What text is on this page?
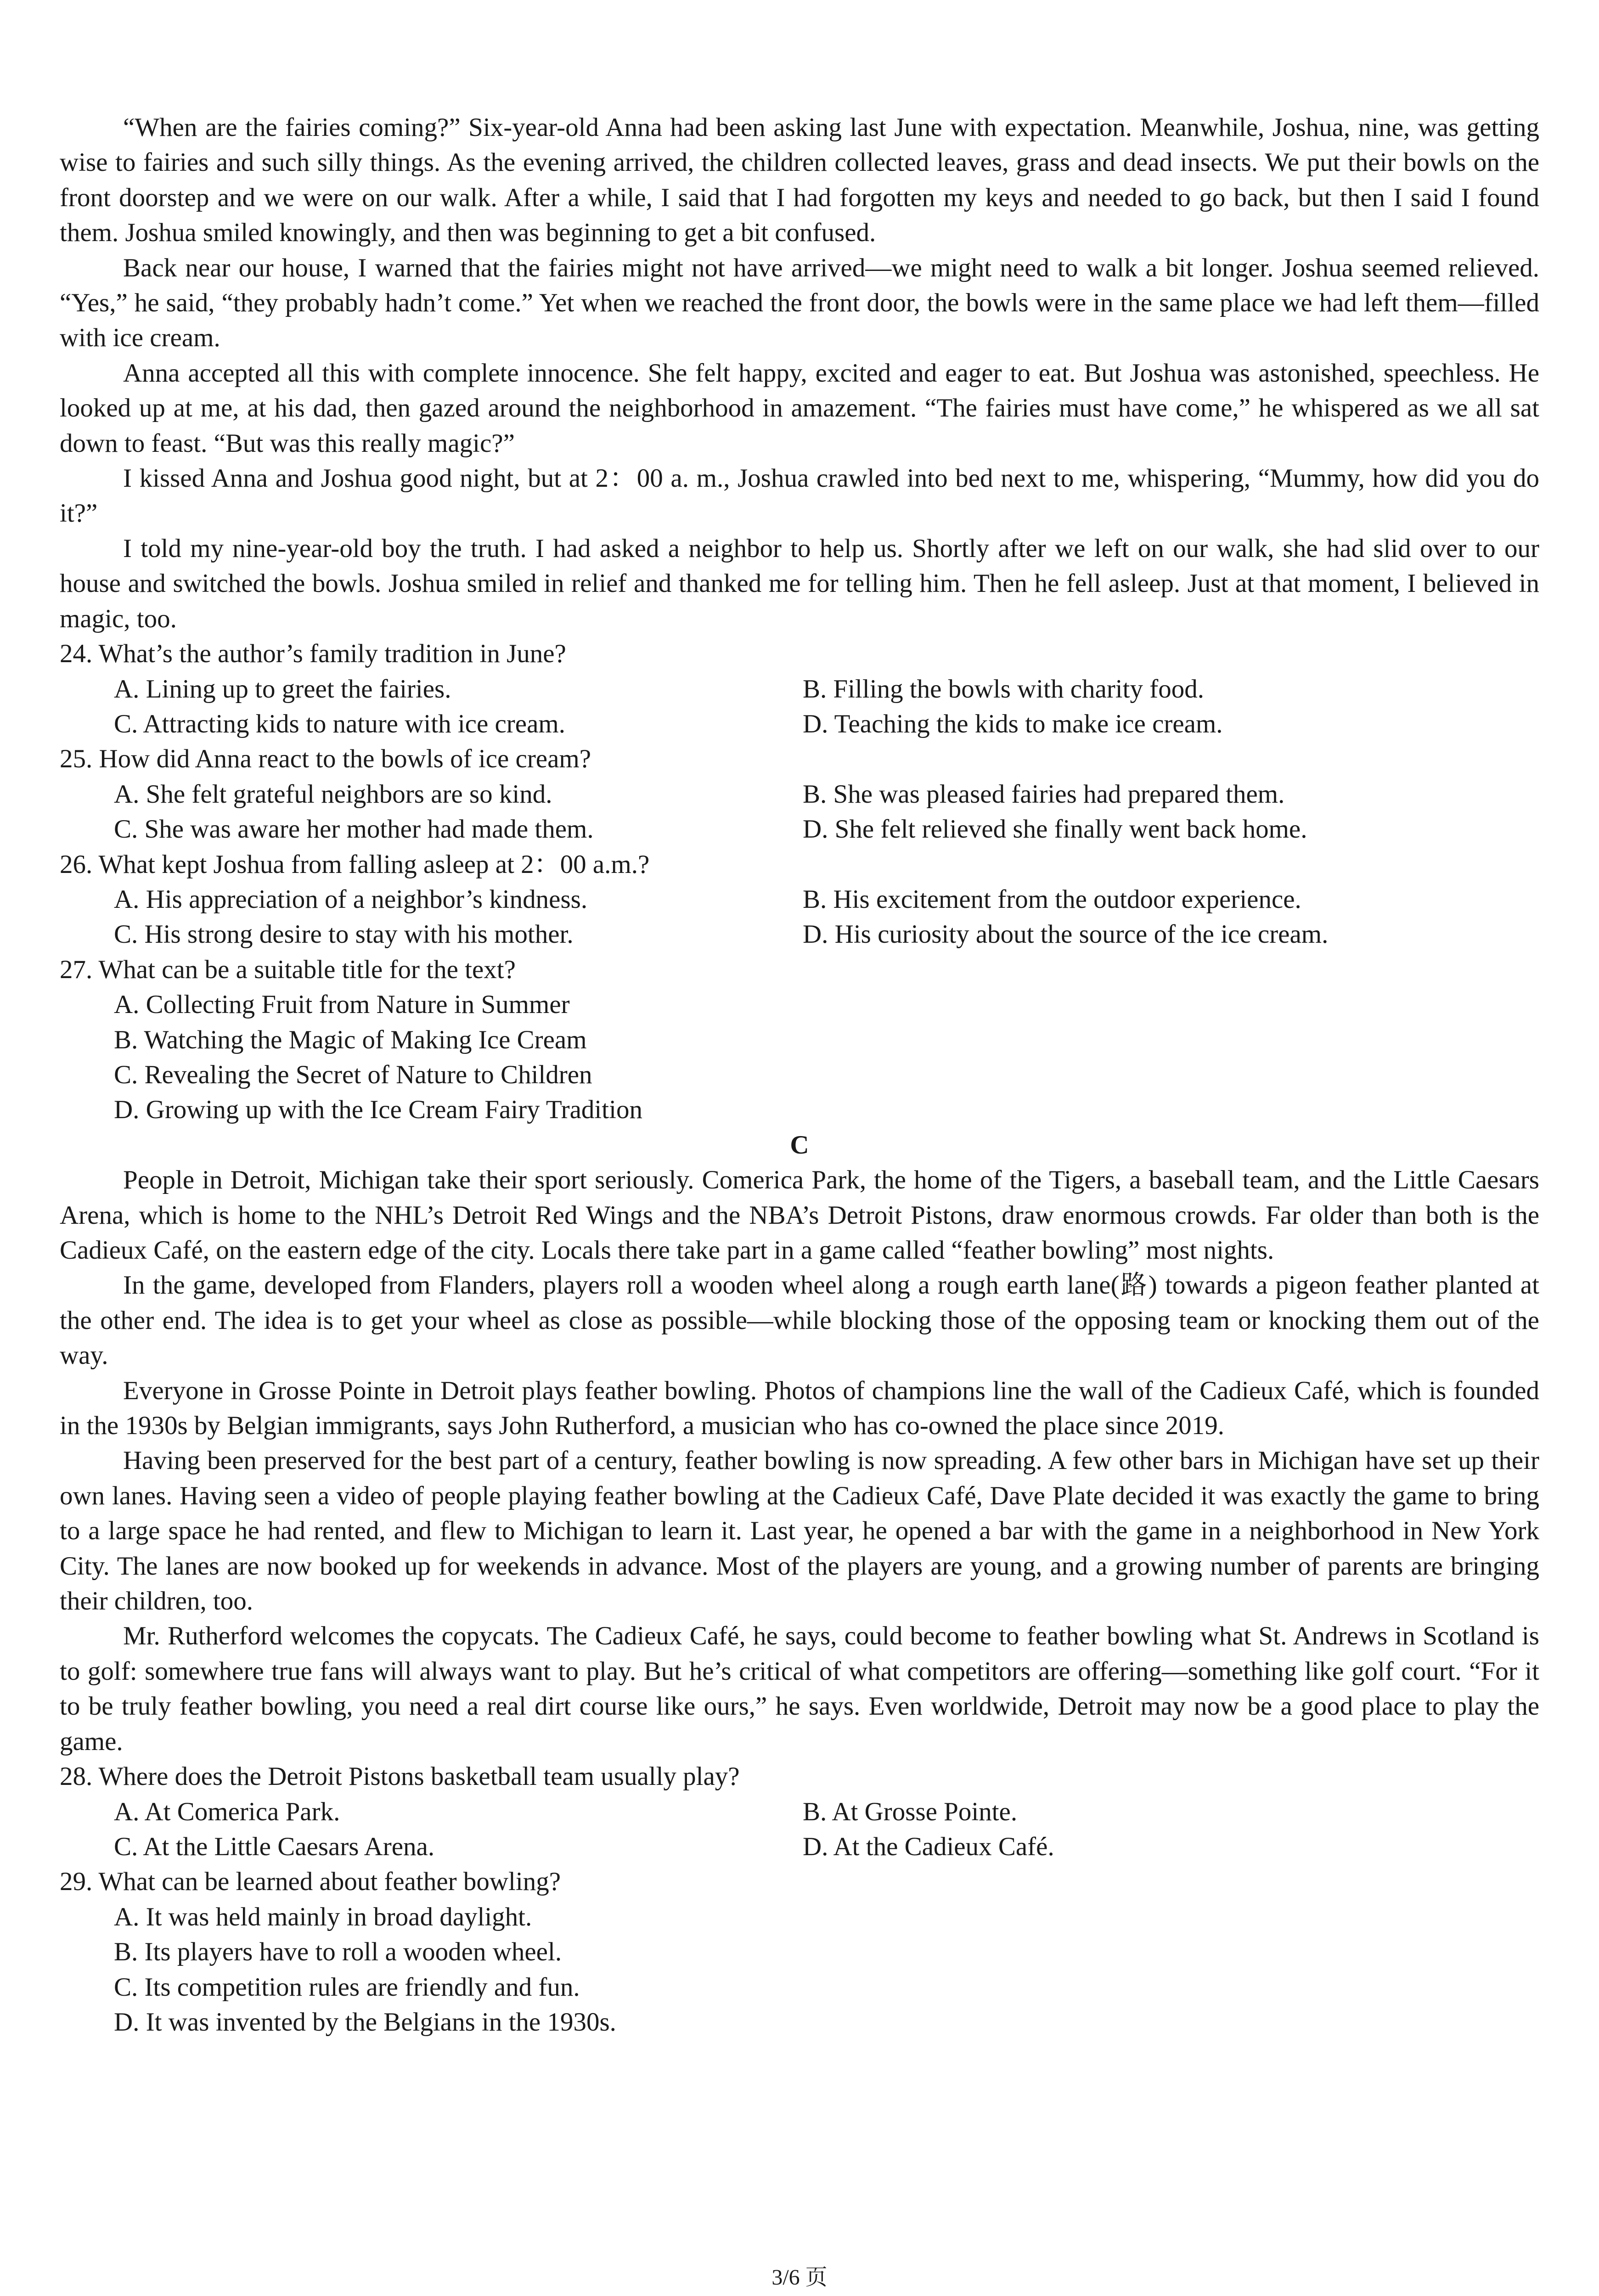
“When are the fairies coming?” Six-year-old Anna had been asking last June with expectation. Meanwhile, Joshua, nine, was getting wise to fairies and such silly things. As the evening arrived, the children collected leaves, grass and dead insects. We put their bowls on the front doorstep and we were on our walk. After a while, I said that I had forgotten my keys and needed to go back, but then I said I found them. Joshua smiled knowingly, and then was beginning to get a bit confused.

Back near our house, I warned that the fairies might not have arrived—we might need to walk a bit longer. Joshua seemed relieved. “Yes,” he said, “they probably hadn’t come.” Yet when we reached the front door, the bowls were in the same place we had left them—filled with ice cream.

Anna accepted all this with complete innocence. She felt happy, excited and eager to eat. But Joshua was astonished, speechless. He looked up at me, at his dad, then gazed around the neighborhood in amazement. “The fairies must have come,” he whispered as we all sat down to feast. “But was this really magic?”

I kissed Anna and Joshua good night, but at 2：00 a. m., Joshua crawled into bed next to me, whispering, “Mummy, how did you do it?”

I told my nine-year-old boy the truth. I had asked a neighbor to help us. Shortly after we left on our walk, she had slid over to our house and switched the bowls. Joshua smiled in relief and thanked me for telling him. Then he fell asleep. Just at that moment, I believed in magic, too.

24. What’s the author’s family tradition in June?

A. Lining up to greet the fairies.	B. Filling the bowls with charity food.

C. Attracting kids to nature with ice cream.	D. Teaching the kids to make ice cream.

25. How did Anna react to the bowls of ice cream?

A. She felt grateful neighbors are so kind.	B. She was pleased fairies had prepared them.

C. She was aware her mother had made them.	D. She felt relieved she finally went back home.

26. What kept Joshua from falling asleep at 2：00 a.m.?

A. His appreciation of a neighbor’s kindness.	B. His excitement from the outdoor experience.

C. His strong desire to stay with his mother.	D. His curiosity about the source of the ice cream.

27. What can be a suitable title for the text?

A. Collecting Fruit from Nature in Summer

B. Watching the Magic of Making Ice Cream

C. Revealing the Secret of Nature to Children

D. Growing up with the Ice Cream Fairy Tradition

C

People in Detroit, Michigan take their sport seriously. Comerica Park, the home of the Tigers, a baseball team, and the Little Caesars Arena, which is home to the NHL’s Detroit Red Wings and the NBA’s Detroit Pistons, draw enormous crowds. Far older than both is the Cadieux Café, on the eastern edge of the city. Locals there take part in a game called “feather bowling” most nights.

In the game, developed from Flanders, players roll a wooden wheel along a rough earth lane(路) towards a pigeon feather planted at the other end. The idea is to get your wheel as close as possible—while blocking those of the opposing team or knocking them out of the way.

Everyone in Grosse Pointe in Detroit plays feather bowling. Photos of champions line the wall of the Cadieux Café, which is founded in the 1930s by Belgian immigrants, says John Rutherford, a musician who has co-owned the place since 2019.

Having been preserved for the best part of a century, feather bowling is now spreading. A few other bars in Michigan have set up their own lanes. Having seen a video of people playing feather bowling at the Cadieux Café, Dave Plate decided it was exactly the game to bring to a large space he had rented, and flew to Michigan to learn it. Last year, he opened a bar with the game in a neighborhood in New York City. The lanes are now booked up for weekends in advance. Most of the players are young, and a growing number of parents are bringing their children, too.

Mr. Rutherford welcomes the copycats. The Cadieux Café, he says, could become to feather bowling what St. Andrews in Scotland is to golf: somewhere true fans will always want to play. But he’s critical of what competitors are offering—something like golf court. “For it to be truly feather bowling, you need a real dirt course like ours,” he says. Even worldwide, Detroit may now be a good place to play the game.

28. Where does the Detroit Pistons basketball team usually play?

A. At Comerica Park.	B. At Grosse Pointe.

C. At the Little Caesars Arena.	D. At the Cadieux Café.

29. What can be learned about feather bowling?

A. It was held mainly in broad daylight.

B. Its players have to roll a wooden wheel.

C. Its competition rules are friendly and fun.

D. It was invented by the Belgians in the 1930s.

3/6 页
